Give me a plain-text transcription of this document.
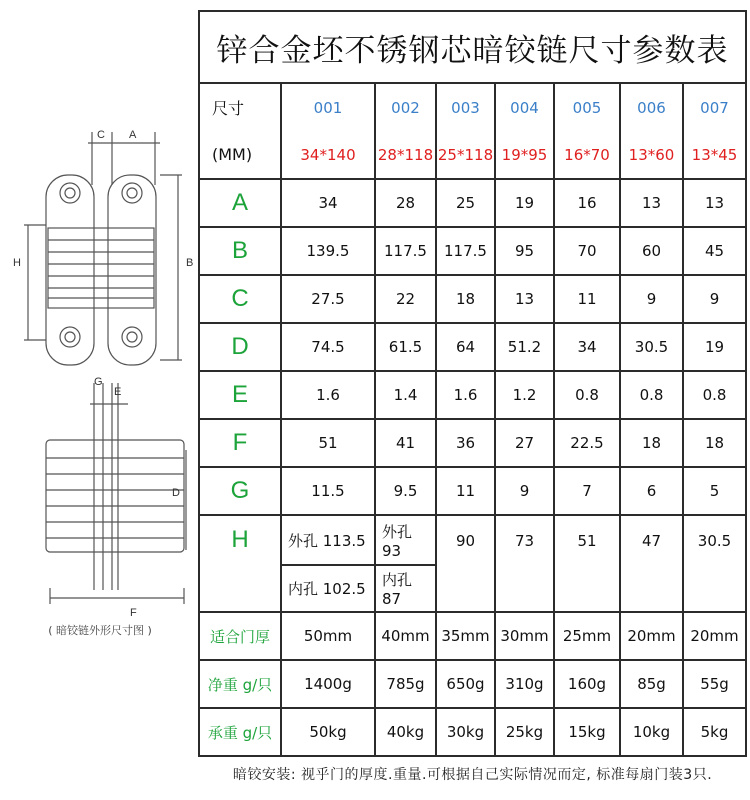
C A
H	B
G
E
D
F
( 暗铰链外形尺寸图 )
锌合金坯不锈钢芯暗铰链尺寸参数表							
尺寸	001	002	003	004	005	006	007
(MM)	34*140	28*118	25*118	19*95	16*70	13*60	13*45
A	34	28	25	19	16	13	13
B	139.5	117.5	117.5	95	70	60	45
C	27.5	22	18	13	11	9	9
D	74.5	61.5	64	51.2	34	30.5	19
E	1.6	1.4	1.6	1.2	0.8	0.8	0.8
F	51	41	36	27	22.5	18	18
G	11.5	9.5	11	9	7	6	5
H	外孔 113.5	外孔 93	90	73	51	47	30.5
	内孔 102.5	内孔 87					
适合门厚	50mm	40mm	35mm	30mm	25mm	20mm	20mm
净重 g/只	1400g	785g	650g	310g	160g	85g	55g
承重 g/只	50kg	40kg	30kg	25kg	15kg	10kg	5kg
暗铰安装: 视乎门的厚度.重量.可根据自己实际情况而定, 标准每扇门装3只.
